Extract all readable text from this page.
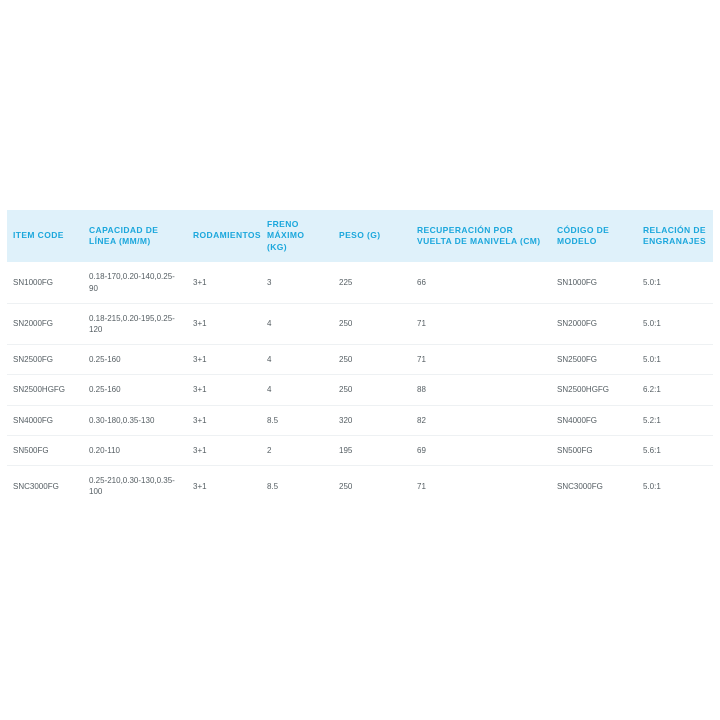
ITEM CODE	CAPACIDAD DE LÍNEA (MM/M)	RODAMIENTOS	FRENO MÁXIMO (KG)	PESO (G)	RECUPERACIÓN POR VUELTA DE MANIVELA (CM)	CÓDIGO DE MODELO	RELACIÓN DE ENGRANAJES
SN1000FG	0.18-170,0.20-140,0.25-90	3+1	3	225	66	SN1000FG	5.0:1
SN2000FG	0.18-215,0.20-195,0.25-120	3+1	4	250	71	SN2000FG	5.0:1
SN2500FG	0.25-160	3+1	4	250	71	SN2500FG	5.0:1
SN2500HGFG	0.25-160	3+1	4	250	88	SN2500HGFG	6.2:1
SN4000FG	0.30-180,0.35-130	3+1	8.5	320	82	SN4000FG	5.2:1
SN500FG	0.20-110	3+1	2	195	69	SN500FG	5.6:1
SNC3000FG	0.25-210,0.30-130,0.35-100	3+1	8.5	250	71	SNC3000FG	5.0:1
